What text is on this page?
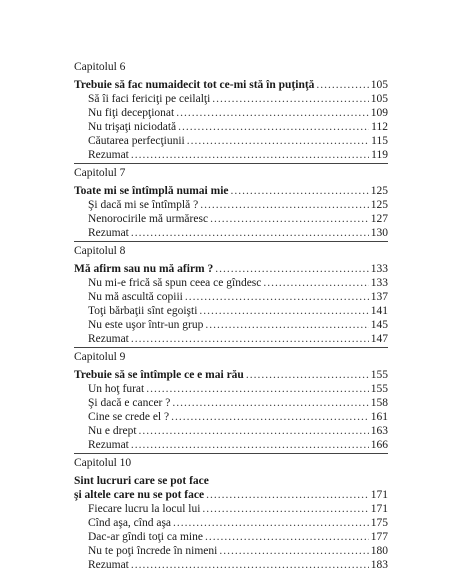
Capitolul 6
Trebuie să fac numaidecit tot ce-mi stă în puţinţă .....	105
Să îi faci fericiţi pe ceilalţi .....	105
Nu fiţi decepţionat .....	109
Nu trişaţi niciodată .....	112
Căutarea perfecţiunii .....	115
Rezumat .....	119
Capitolul 7
Toate mi se întîmplă numai mie .....	125
Şi dacă mi se întîmplă ? .....	125
Nenorocirile mă urmăresc .....	127
Rezumat .....	130
Capitolul 8
Mă afirm sau nu mă afirm ? .....	133
Nu mi-e frică să spun ceea ce gîndesc .....	133
Nu mă ascultă copiii .....	137
Toţi bărbaţii sînt egoişti .....	141
Nu este uşor într-un grup .....	145
Rezumat .....	147
Capitolul 9
Trebuie să se întîmple ce e mai rău .....	155
Un hoţ furat .....	155
Şi dacă e cancer ? .....	158
Cine se crede el ? .....	161
Nu e drept .....	163
Rezumat .....	166
Capitolul 10
Sint lucruri care se pot face
şi altele care nu se pot face .....	171
Fiecare lucru la locul lui .....	171
Cînd aşa, cînd aşa .....	175
Dac-ar gîndi toţi ca mine .....	177
Nu te poţi încrede în nimeni .....	180
Rezumat .....	183
